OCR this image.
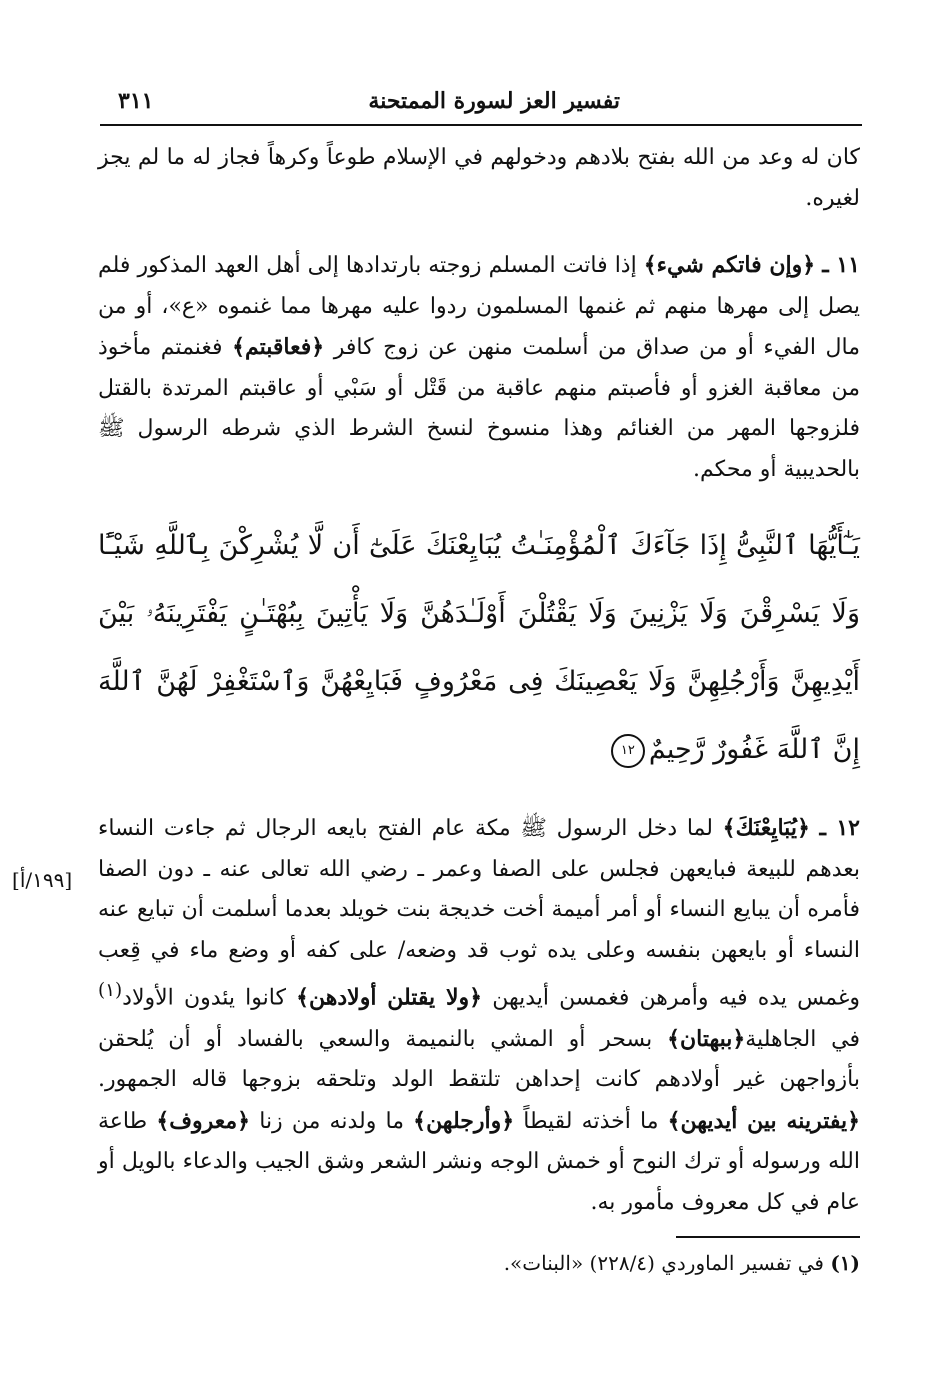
تفسير العز لسورة الممتحنة
٣١١

كان له وعد من الله بفتح بلادهم ودخولهم في الإسلام طوعاً وكرهاً فجاز له ما لم يجز لغيره.

١١ ـ ﴿وإن فاتكم شيء﴾ إذا فاتت المسلم زوجته بارتدادها إلى أهل العهد المذكور فلم يصل إلى مهرها منهم ثم غنمها المسلمون ردوا عليه مهرها مما غنموه «ع»، أو من مال الفيء أو من صداق من أسلمت منهن عن زوج كافر ﴿فعاقبتم﴾ فغنمتم مأخوذ من معاقبة الغزو أو فأصبتم منهم عاقبة من قَتْل أو سَبْي أو عاقبتم المرتدة بالقتل فلزوجها المهر من الغنائم وهذا منسوخ لنسخ الشرط الذي شرطه الرسول ﷺ بالحديبية أو محكم.

يَـٰٓأَيُّهَا ٱلنَّبِىُّ إِذَا جَآءَكَ ٱلْمُؤْمِنَـٰتُ يُبَايِعْنَكَ عَلَىٰٓ أَن لَّا يُشْرِكْنَ بِٱللَّهِ شَيْـًٔا وَلَا يَسْرِقْنَ وَلَا يَزْنِينَ وَلَا يَقْتُلْنَ أَوْلَـٰدَهُنَّ وَلَا يَأْتِينَ بِبُهْتَـٰنٍ يَفْتَرِينَهُۥ بَيْنَ أَيْدِيهِنَّ وَأَرْجُلِهِنَّ وَلَا يَعْصِينَكَ فِى مَعْرُوفٍ فَبَايِعْهُنَّ وَٱسْتَغْفِرْ لَهُنَّ ٱللَّهَ إِنَّ ٱللَّهَ غَفُورٌ رَّحِيمٌ١٢

١٢ ـ ﴿يُبَايِعْنَكَ﴾ لما دخل الرسول ﷺ مكة عام الفتح بايعه الرجال ثم جاءت النساء بعدهم للبيعة فبايعهن فجلس على الصفا وعمر ـ رضي الله تعالى عنه ـ دون الصفا فأمره أن يبايع النساء أو أمر أميمة أخت خديجة بنت خويلد بعدما أسلمت أن تبايع عنه النساء أو بايعهن بنفسه وعلى يده ثوب قد وضعه/ على كفه أو وضع ماء في قِعب وغمس يده فيه وأمرهن فغمسن أيديهن ﴿ولا يقتلن أولادهن﴾ كانوا يئدون الأولاد$^{(١)}$ في الجاهلية﴿ببهتان﴾ بسحر أو المشي بالنميمة والسعي بالفساد أو أن يُلحقن بأزواجهن غير أولادهم كانت إحداهن تلتقط الولد وتلحقه بزوجها قاله الجمهور. ﴿يفترينه بين أيديهن﴾ ما أخذته لقيطاً ﴿وأرجلهن﴾ ما ولدنه من زنا ﴿معروف﴾ طاعة الله ورسوله أو ترك النوح أو خمش الوجه ونشر الشعر وشق الجيب والدعاء بالويل أو عام في كل معروف مأمور به.

[١٩٩/أ]
(١) في تفسير الماوردي (٢٢٨/٤) «البنات».
